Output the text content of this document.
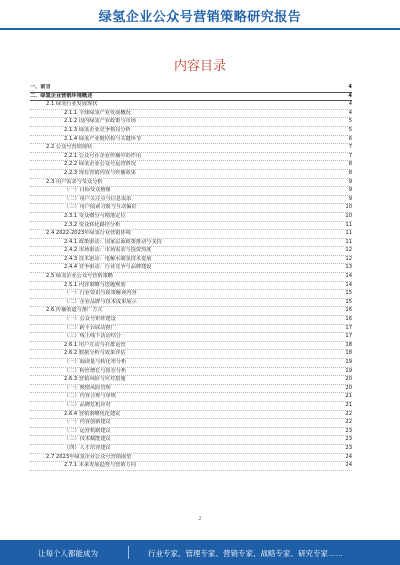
绿氢企业公众号营销策略研究报告
内容目录
一、前言	4
二、绿氢企业营销环境概述	4
2.1 绿氢行业发展现状	4
2.1.1 全球绿氢产业发展概况	4
2.1.2 国内绿氢产业政策与市场	5
2.1.3 绿氢企业竞争格局分析	5
2.1.4 绿氢产业链结构与关键环节	6
2.2 公众号营销现状	7
2.2.1 公众号在企业传播中的作用	7
2.2.2 绿氢企业公众号运营情况	8
2.2.3 现有营销内容与传播效果	8
2.3 用户需求与受众分析	9
（一）目标受众画像	9
（二）用户关注点与信息需求	9
（三）用户阅读习惯与互动偏好	10
2.3.1 受众细分与精准定位	10
2.3.2 受众转化路径分析	11
2.4 2022-2023年绿氢行业营销环境	11
2.4.1 政策驱动：国家层面政策推动与支持	11
2.4.2 市场驱动：市场需求与投资热度	12
2.4.3 技术驱动：电解水制氢技术进展	12
2.4.4 竞争驱动：行业竞争与品牌建设	13
2.5 绿氢企业公众号营销策略	14
2.5.1 内容策略与选题规划	14
（一）行业资讯与政策解读内容	15
（二）企业品牌与技术成果展示	15
2.6 传播渠道与推广方式	16
（一）公众号矩阵建设	16
（二）跨平台联动推广	17
（三）线上线下活动结合	17
2.6.1 用户互动与社群运营	18
2.6.2 数据分析与效果评估	18
（一）阅读量与转化率分析	19
（二）粉丝增长与留存分析	19
2.6.3 营销风险与应对措施	20
（一）舆情风险管理	20
（二）内容合规与审核	21
（三）品牌危机应对	21
2.6.4 营销策略优化建议	22
（一）内容创新建议	22
（二）运营机制建议	23
（三）技术赋能建议	23
（四）人才培养建议	23
2.7 2023年绿氢企业公众号营销展望	24
2.7.1 未来发展趋势与营销方向	24
2
让每个人都能成为	行业专家、管理专家、营销专家、战略专家、研究专家……
